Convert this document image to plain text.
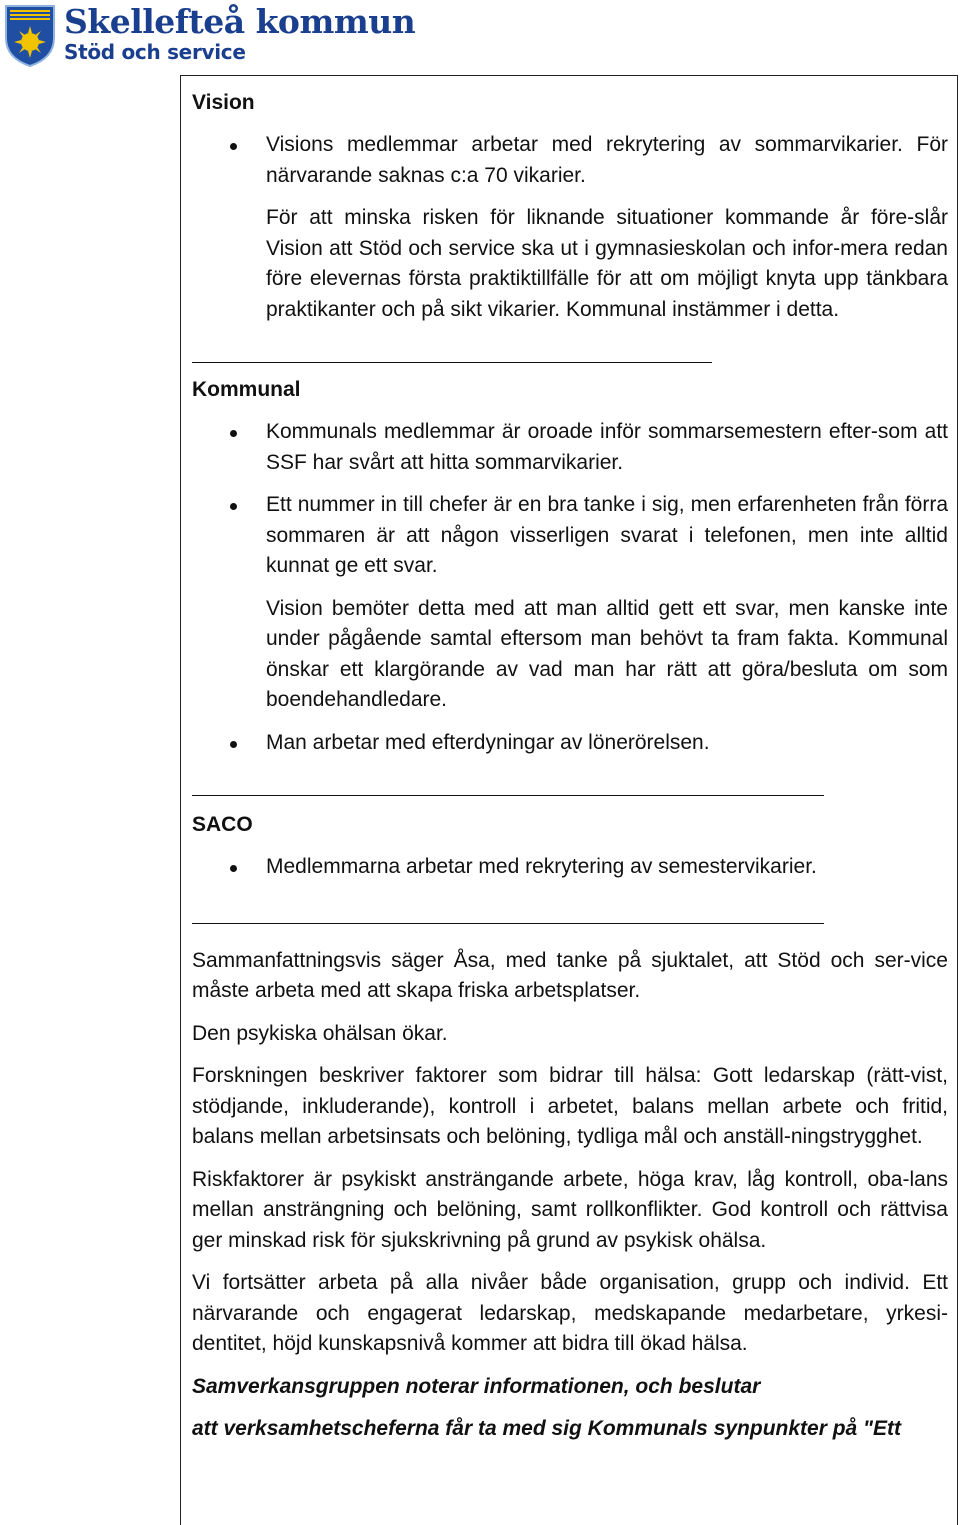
Skellefteå kommun
Stöd och service
Vision
Visions medlemmar arbetar med rekrytering av sommarvikarier. För närvarande saknas c:a 70 vikarier.
För att minska risken för liknande situationer kommande år före-slår Vision att Stöd och service ska ut i gymnasieskolan och infor-mera redan före elevernas första praktiktillfälle för att om möjligt knyta upp tänkbara praktikanter och på sikt vikarier. Kommunal instämmer i detta.
Kommunal
Kommunals medlemmar är oroade inför sommarsemestern efter-som att SSF har svårt att hitta sommarvikarier.
Ett nummer in till chefer är en bra tanke i sig, men erfarenheten från förra sommaren är att någon visserligen svarat i telefonen, men inte alltid kunnat ge ett svar.
Vision bemöter detta med att man alltid gett ett svar, men kanske inte under pågående samtal eftersom man behövt ta fram fakta. Kommunal önskar ett klargörande av vad man har rätt att göra/besluta om som boendehandledare.
Man arbetar med efterdyningar av lönerörelsen.
SACO
Medlemmarna arbetar med rekrytering av semestervikarier.

Sammanfattningsvis säger Åsa, med tanke på sjuktalet, att Stöd och ser-vice måste arbeta med att skapa friska arbetsplatser.

Den psykiska ohälsan ökar.

Forskningen beskriver faktorer som bidrar till hälsa: Gott ledarskap (rätt-vist, stödjande, inkluderande), kontroll i arbetet, balans mellan arbete och fritid, balans mellan arbetsinsats och belöning, tydliga mål och anställ-ningstrygghet.

Riskfaktorer är psykiskt ansträngande arbete, höga krav, låg kontroll, oba-lans mellan ansträngning och belöning, samt rollkonflikter. God kontroll och rättvisa ger minskad risk för sjukskrivning på grund av psykisk ohälsa.

Vi fortsätter arbeta på alla nivåer både organisation, grupp och individ. Ett närvarande och engagerat ledarskap, medskapande medarbetare, yrkesi-dentitet, höjd kunskapsnivå kommer att bidra till ökad hälsa.

Samverkansgruppen noterar informationen, och beslutar

att verksamhetscheferna får ta med sig Kommunals synpunkter på "Ett
